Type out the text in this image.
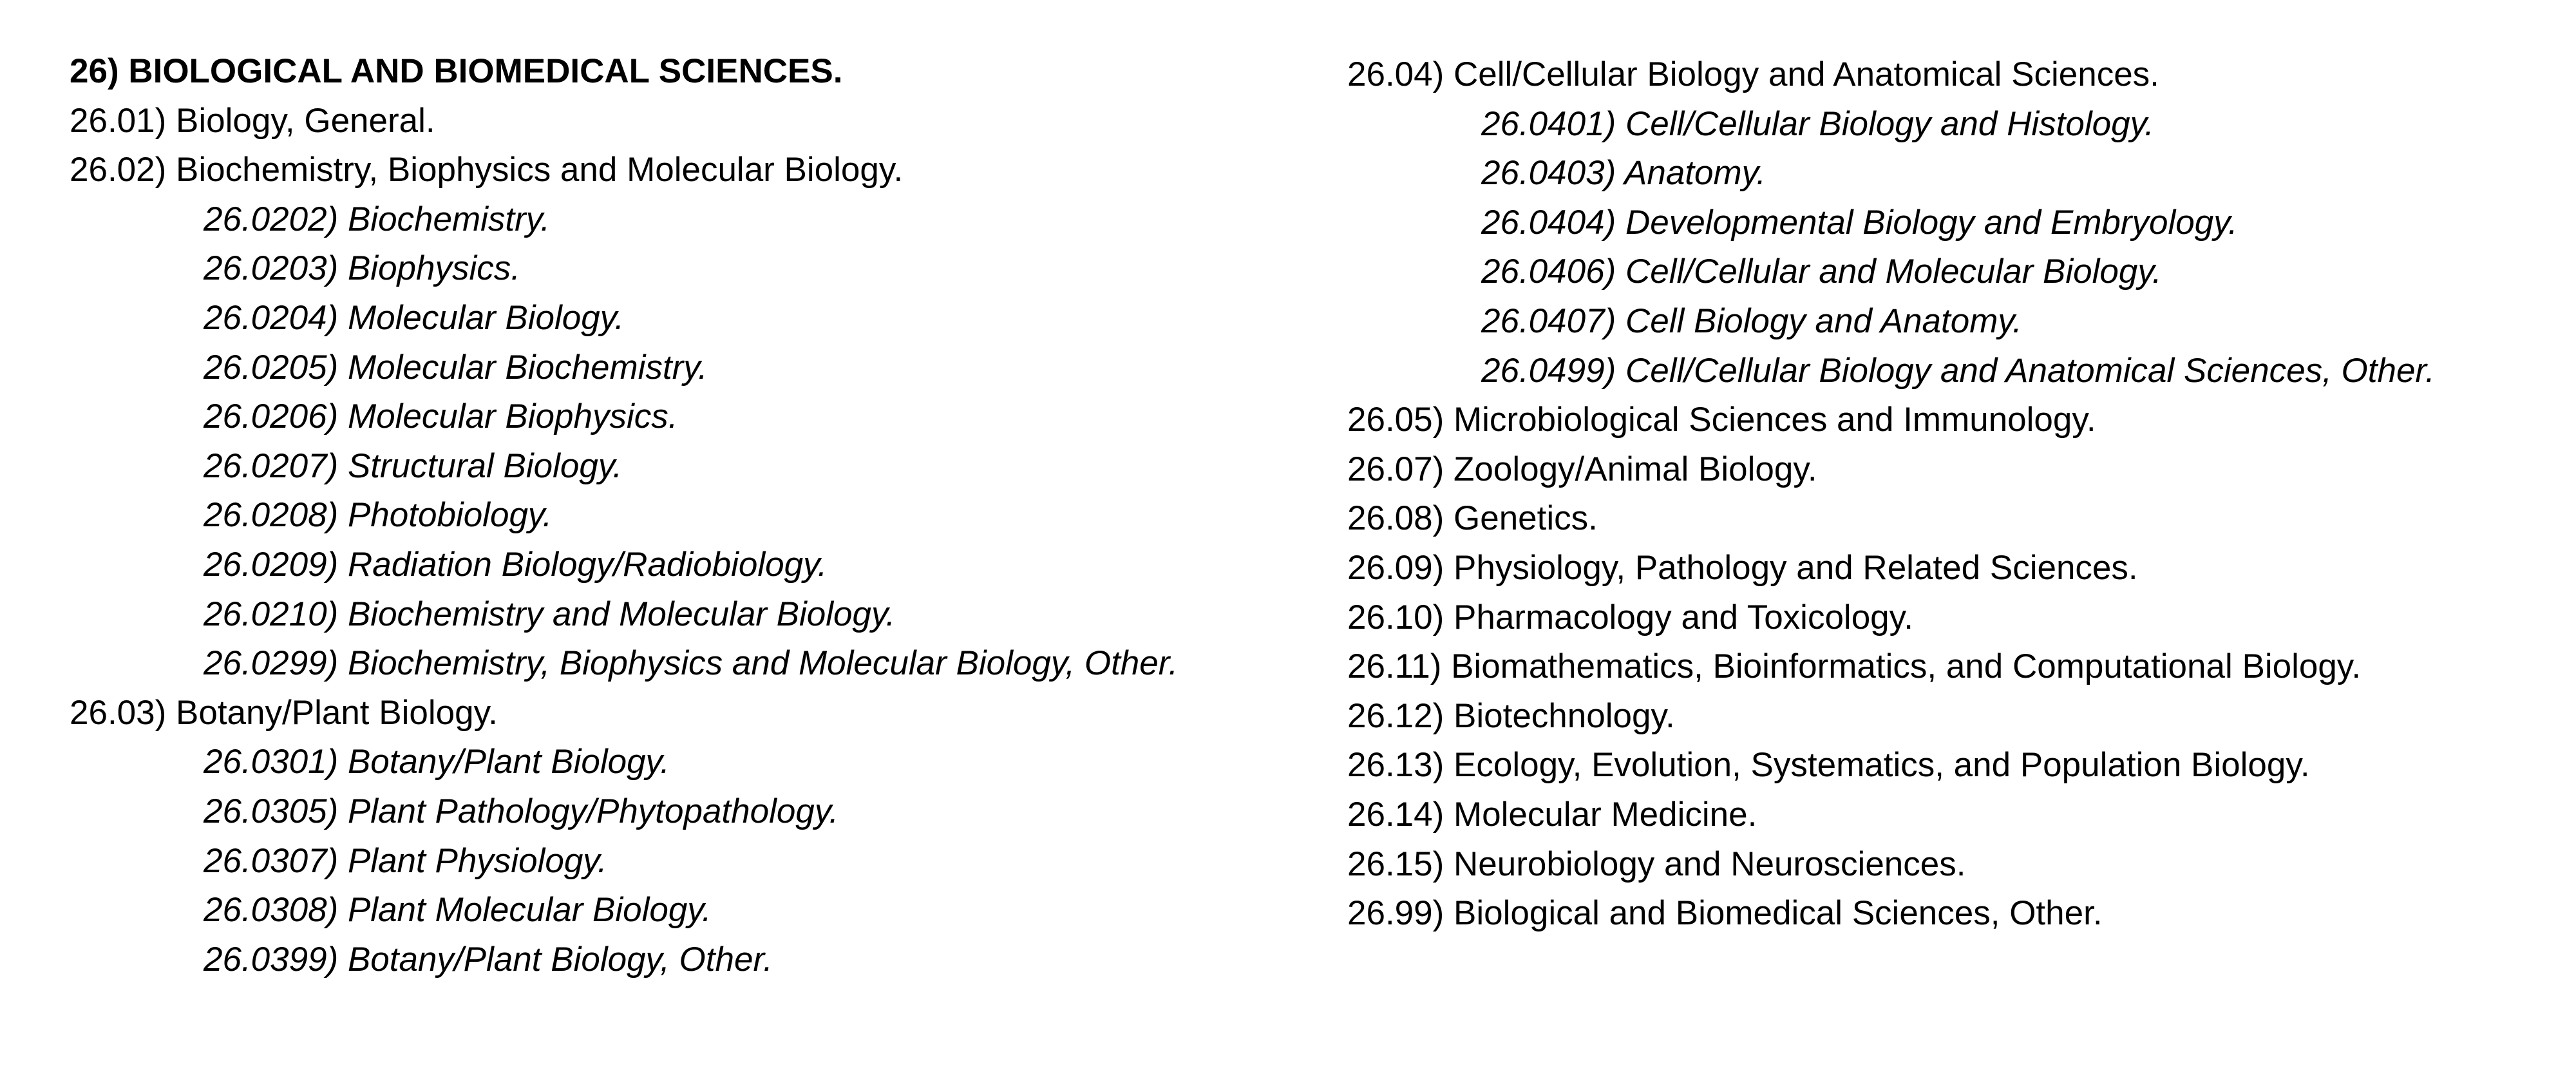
26) BIOLOGICAL AND BIOMEDICAL SCIENCES.
26.01) Biology, General.
26.02) Biochemistry, Biophysics and Molecular Biology.
26.0202) Biochemistry.
26.0203) Biophysics.
26.0204) Molecular Biology.
26.0205) Molecular Biochemistry.
26.0206) Molecular Biophysics.
26.0207) Structural Biology.
26.0208) Photobiology.
26.0209) Radiation Biology/Radiobiology.
26.0210) Biochemistry and Molecular Biology.
26.0299) Biochemistry, Biophysics and Molecular Biology, Other.
26.03) Botany/Plant Biology.
26.0301) Botany/Plant Biology.
26.0305) Plant Pathology/Phytopathology.
26.0307) Plant Physiology.
26.0308) Plant Molecular Biology.
26.0399) Botany/Plant Biology, Other.
26.04) Cell/Cellular Biology and Anatomical Sciences.
26.0401) Cell/Cellular Biology and Histology.
26.0403) Anatomy.
26.0404) Developmental Biology and Embryology.
26.0406) Cell/Cellular and Molecular Biology.
26.0407) Cell Biology and Anatomy.
26.0499) Cell/Cellular Biology and Anatomical Sciences, Other.
26.05) Microbiological Sciences and Immunology.
26.07) Zoology/Animal Biology.
26.08) Genetics.
26.09) Physiology, Pathology and Related Sciences.
26.10) Pharmacology and Toxicology.
26.11) Biomathematics, Bioinformatics, and Computational Biology.
26.12) Biotechnology.
26.13) Ecology, Evolution, Systematics, and Population Biology.
26.14) Molecular Medicine.
26.15) Neurobiology and Neurosciences.
26.99) Biological and Biomedical Sciences, Other.
